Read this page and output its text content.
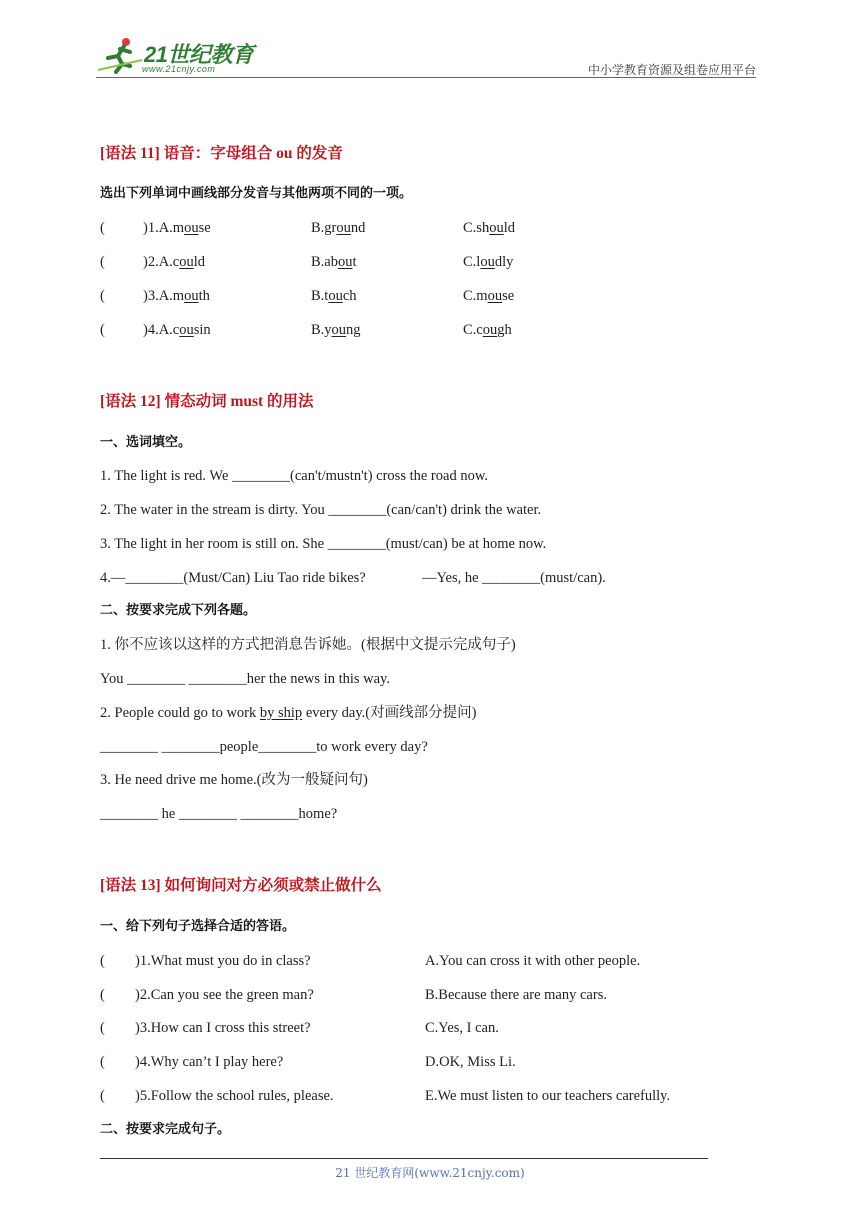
21世纪教育
www.21cnjy.com	中小学教育资源及组卷应用平台
[语法 11] 语音：字母组合 ou 的发音
选出下列单词中画线部分发音与其他两项不同的一项。
(	)1.A.mouse	B.ground	C.should
(	)2.A.could	B.about	C.loudly
(	)3.A.mouth	B.touch	C.mouse
(	)4.A.cousin	B.young	C.cough
[语法 12] 情态动词 must 的用法
一、选词填空。
1. The light is red. We ________(can't/mustn't) cross the road now.
2. The water in the stream is dirty. You ________(can/can't) drink the water.
3. The light in her room is still on. She ________(must/can) be at home now.
4.—________(Must/Can) Liu Tao ride bikes?	—Yes, he ________(must/can).
二、按要求完成下列各题。
1. 你不应该以这样的方式把消息告诉她。(根据中文提示完成句子)
You ________ ________her the news in this way.
2. People could go to work by ship every day.(对画线部分提问)
________ ________people________to work every day?
3. He need drive me home.(改为一般疑问句)
________ he ________ ________home?
[语法 13] 如何询问对方必须或禁止做什么
一、给下列句子选择合适的答语。
( )1.What must you do in class?	A.You can cross it with other people.
( )2.Can you see the green man?	B.Because there are many cars.
( )3.How can I cross this street?	C.Yes, I can.
( )4.Why can’t I play here?	D.OK, Miss Li.
( )5.Follow the school rules, please.	E.We must listen to our teachers carefully.
二、按要求完成句子。
21 世纪教育网(www.21cnjy.com)
